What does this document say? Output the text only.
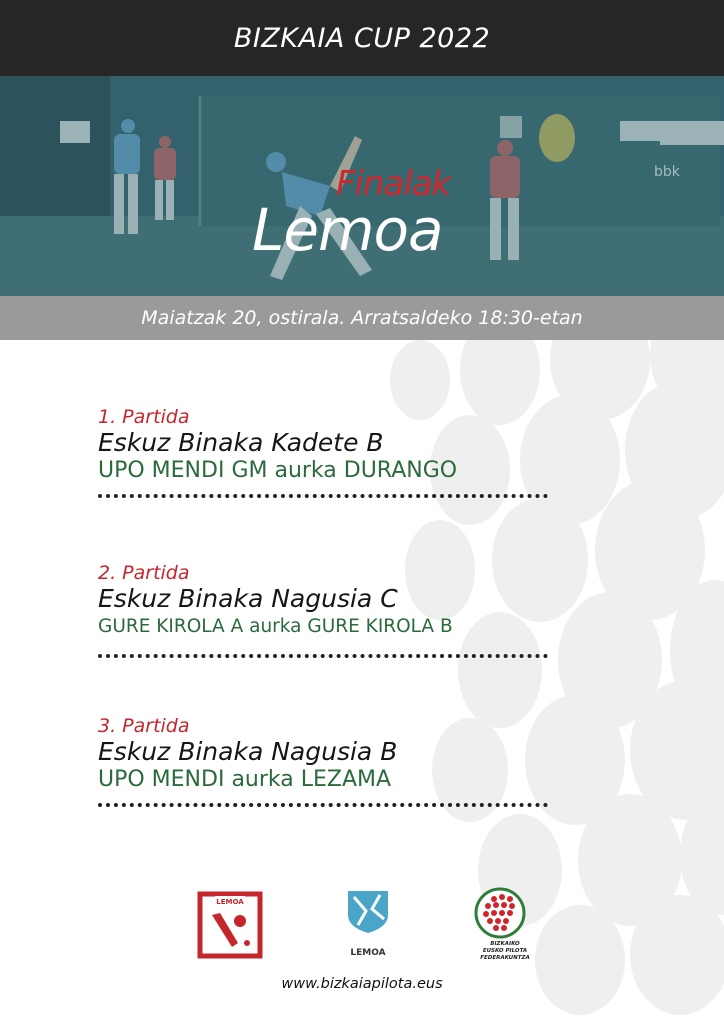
BIZKAIA CUP 2022
bbk
Finalak
Lemoa
Maiatzak 20, ostirala. Arratsaldeko 18:30-etan
1. Partida
Eskuz Binaka Kadete B
UPO MENDI GM aurka DURANGO
2. Partida
Eskuz Binaka Nagusia C
GURE KIROLA A aurka GURE KIROLA B
3. Partida
Eskuz Binaka Nagusia B
UPO MENDI aurka LEZAMA
LEMOA
LEMOA
BIZKAIKO
EUSKO PILOTA
FEDERAKUNTZA
www.bizkaiapilota.eus
